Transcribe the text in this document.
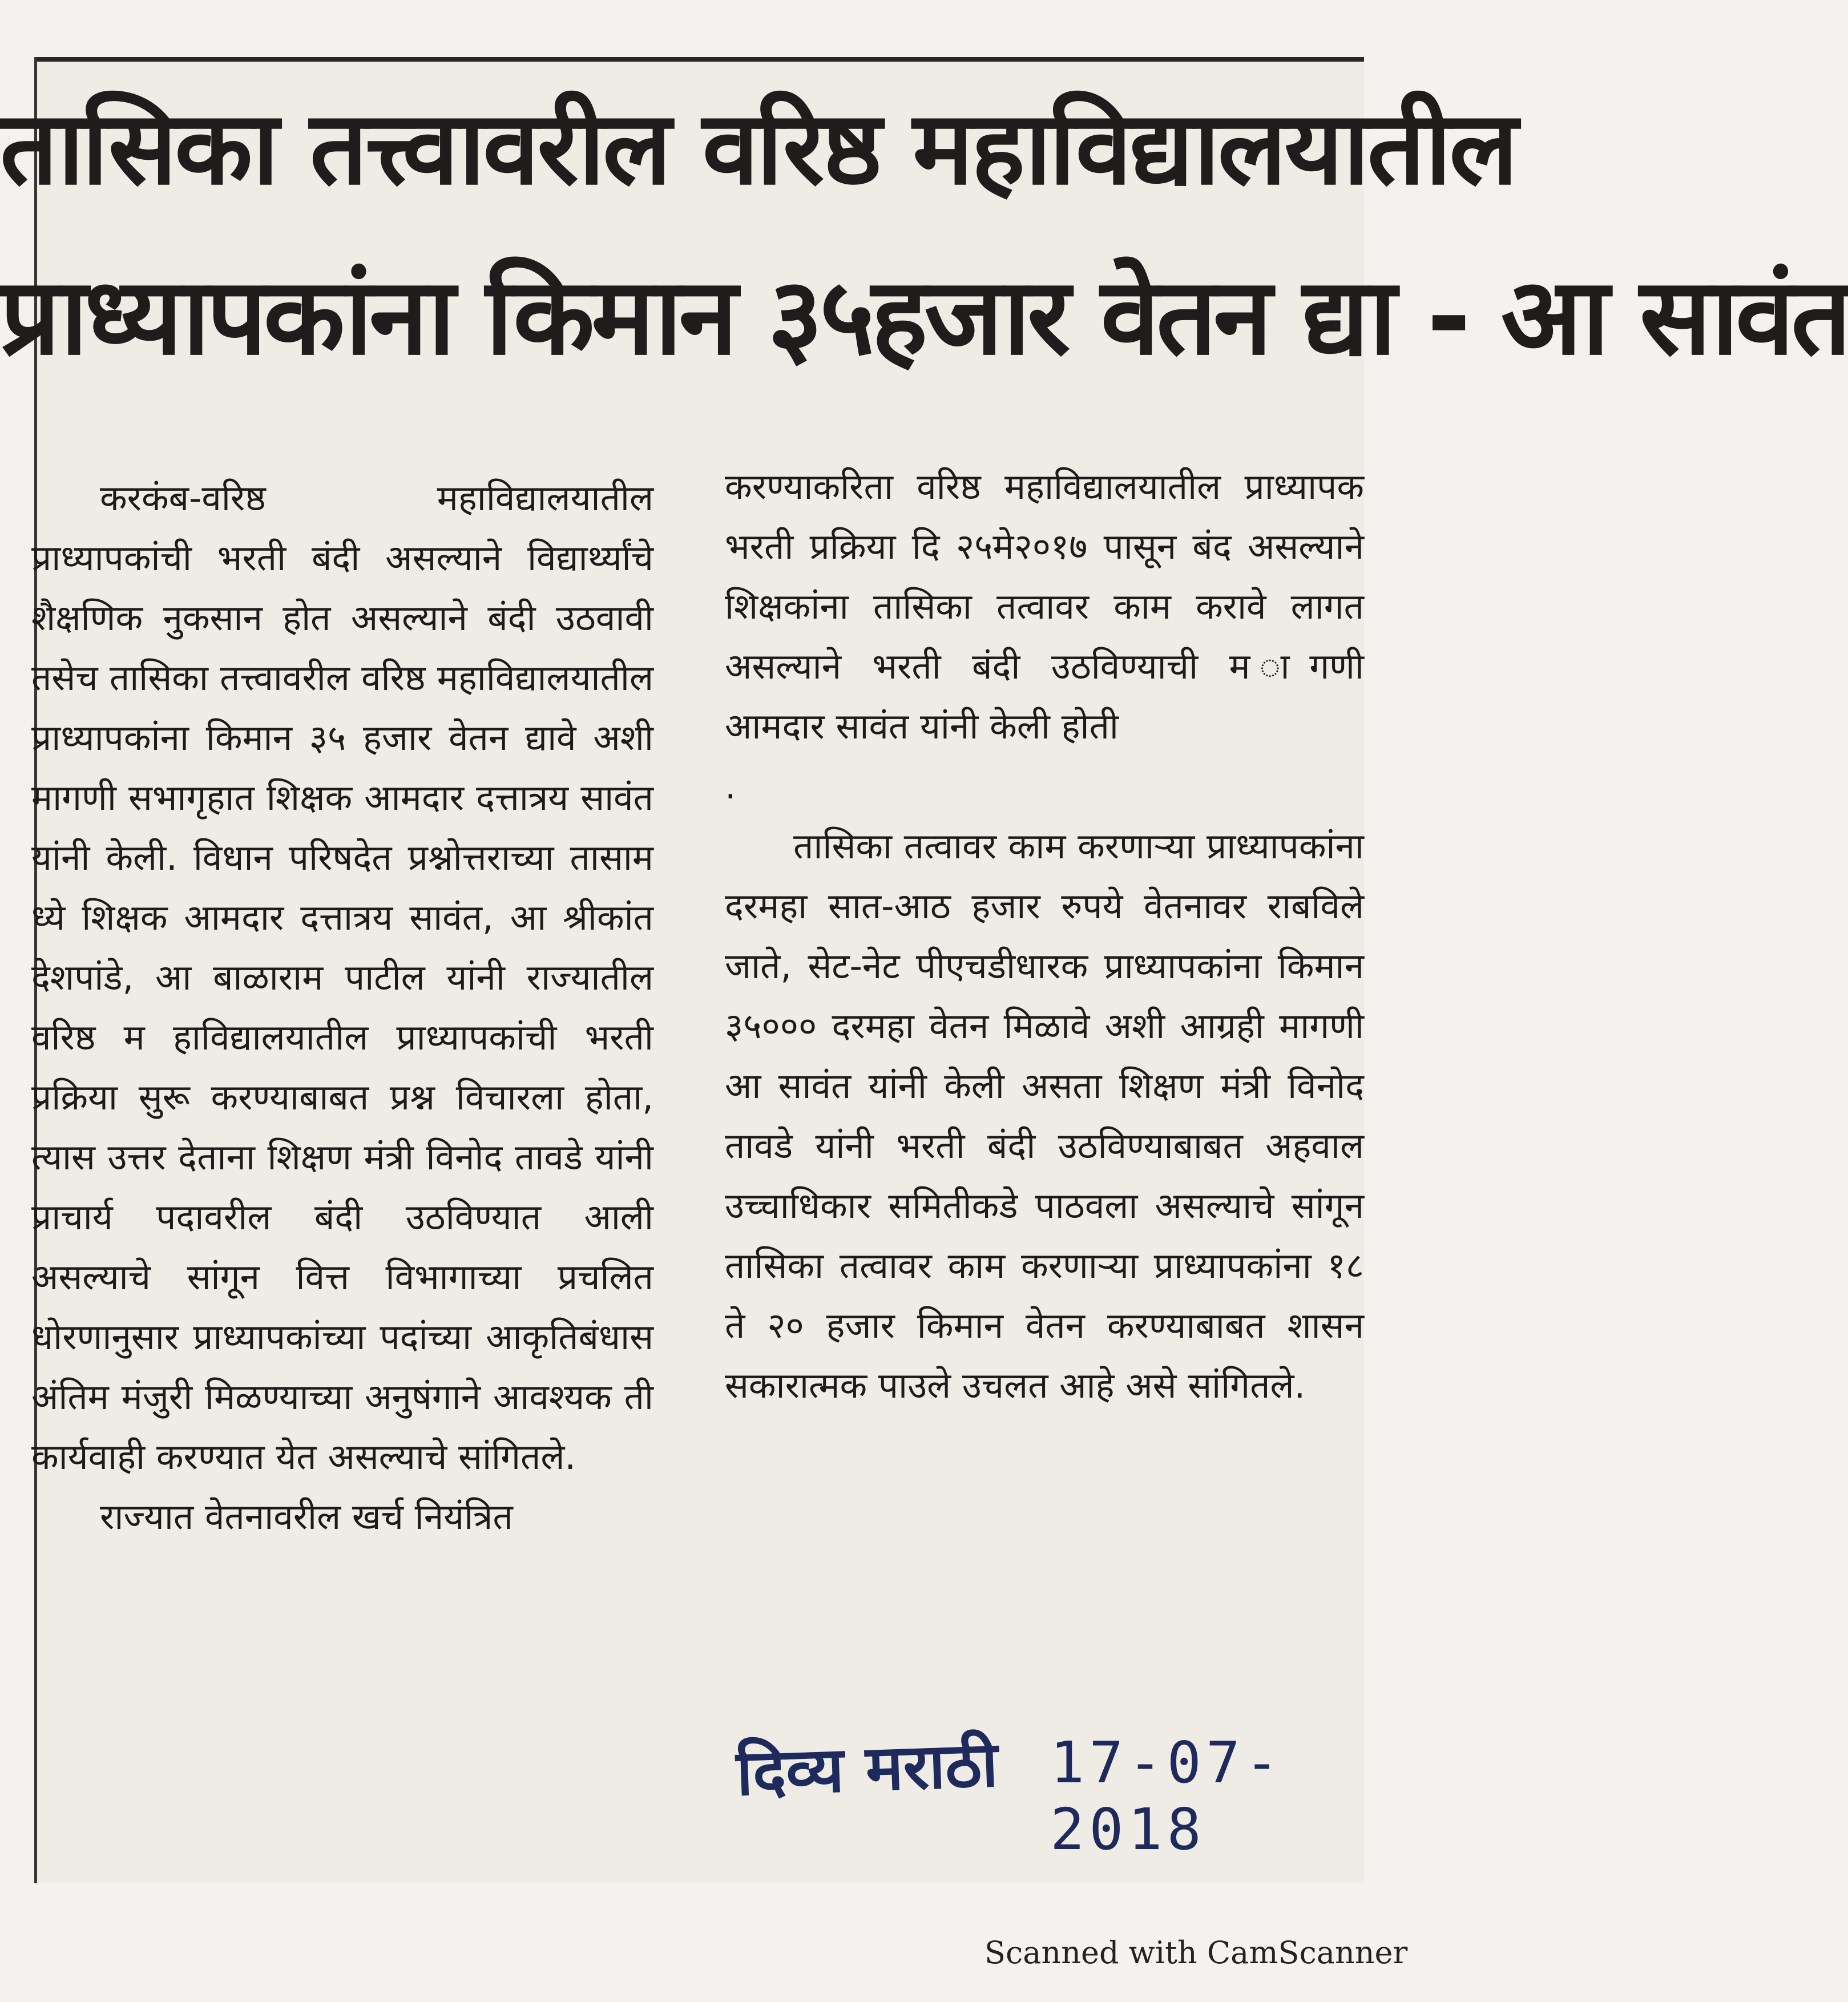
तासिका तत्त्वावरील वरिष्ठ महाविद्यालयातील
प्राध्यापकांना किमान ३५हजार वेतन द्या - आ सावंत

करकंब-वरिष्ठ महाविद्यालयातील प्राध्यापकांची भरती बंदी असल्याने विद्यार्थ्यांचे शैक्षणिक नुकसान होत असल्याने बंदी उठवावी तसेच तासिका तत्त्वावरील वरिष्ठ महाविद्यालयातील प्राध्यापकांना किमान ३५ हजार वेतन द्यावे अशी मागणी सभागृहात शिक्षक आमदार दत्तात्रय सावंत यांनी केली. विधान परिषदेत प्रश्नोत्तराच्या तासाम ध्ये शिक्षक आमदार दत्तात्रय सावंत, आ श्रीकांत देशपांडे, आ बाळाराम पाटील यांनी राज्यातील वरिष्ठ म हाविद्यालयातील प्राध्यापकांची भरती प्रक्रिया सुरू करण्याबाबत प्रश्न विचारला होता, त्यास उत्तर देताना शिक्षण मंत्री विनोद तावडे यांनी प्राचार्य पदावरील बंदी उठविण्यात आली असल्याचे सांगून वित्त विभागाच्या प्रचलित धोरणानुसार प्राध्यापकांच्या पदांच्या आकृतिबंधास अंतिम मंजुरी मिळण्याच्या अनुषंगाने आवश्यक ती कार्यवाही करण्यात येत असल्याचे सांगितले.

राज्यात वेतनावरील खर्च नियंत्रित

करण्याकरिता वरिष्ठ महाविद्यालयातील प्राध्यापक भरती प्रक्रिया दि २५मे२०१७ पासून बंद असल्याने शिक्षकांना तासिका तत्वावर काम करावे लागत असल्याने भरती बंदी उठविण्याची म ागणी आमदार सावंत यांनी केली होती

.

तासिका तत्वावर काम करणाऱ्या प्राध्यापकांना दरमहा सात-आठ हजार रुपये वेतनावर राबविले जाते, सेट-नेट पीएचडीधारक प्राध्यापकांना किमान ३५००० दरमहा वेतन मिळावे अशी आग्रही मागणी आ सावंत यांनी केली असता शिक्षण मंत्री विनोद तावडे यांनी भरती बंदी उठविण्याबाबत अहवाल उच्चाधिकार समितीकडे पाठवला असल्याचे सांगून तासिका तत्वावर काम करणाऱ्या प्राध्यापकांना १८ ते २० हजार किमान वेतन करण्याबाबत शासन सकारात्मक पाउले उचलत आहे असे सांगितले.

दिव्य मराठी 17-07-2018
Scanned with CamScanner
